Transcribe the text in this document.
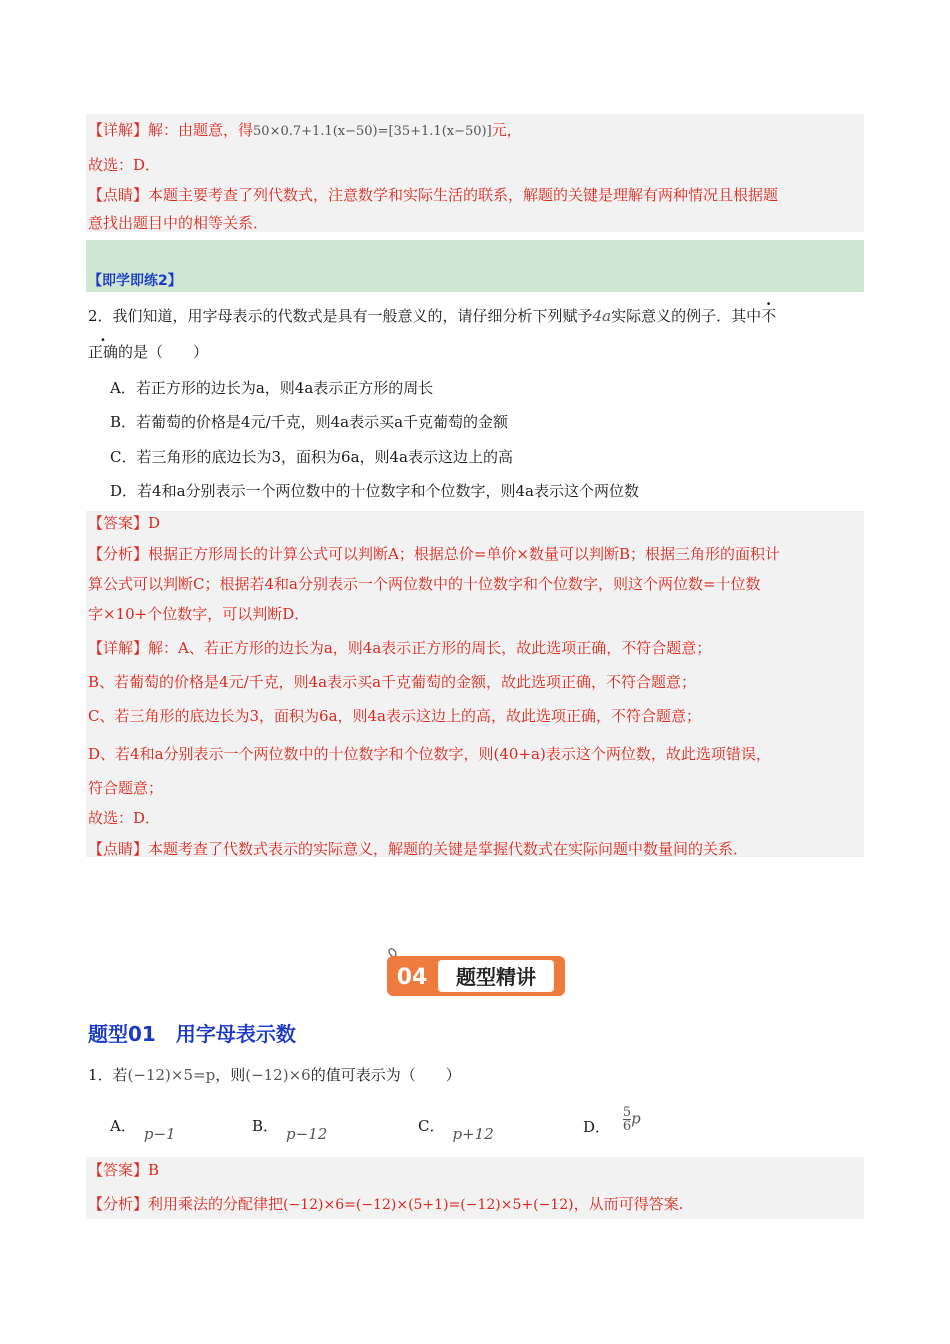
【详解】解：由题意，得50×0.7+1.1(x−50)=[35+1.1(x−50)]元，
故选：D．
【点睛】本题主要考查了列代数式，注意数学和实际生活的联系，解题的关键是理解有两种情况且根据题
意找出题目中的相等关系．
【即学即练2】
2．我们知道，用字母表示的代数式是具有一般意义的，请仔细分析下列赋予4a实际意义的例子．其中不
正确的是（　　）
A．若正方形的边长为a，则4a表示正方形的周长
B．若葡萄的价格是4元/千克，则4a表示买a千克葡萄的金额
C．若三角形的底边长为3，面积为6a，则4a表示这边上的高
D．若4和a分别表示一个两位数中的十位数字和个位数字，则4a表示这个两位数
【答案】D
【分析】根据正方形周长的计算公式可以判断A；根据总价=单价×数量可以判断B；根据三角形的面积计
算公式可以判断C；根据若4和a分别表示一个两位数中的十位数字和个位数字，则这个两位数=十位数
字×10+个位数字，可以判断D．
【详解】解：A、若正方形的边长为a，则4a表示正方形的周长，故此选项正确，不符合题意；
B、若葡萄的价格是4元/千克，则4a表示买a千克葡萄的金额，故此选项正确，不符合题意；
C、若三角形的底边长为3，面积为6a，则4a表示这边上的高，故此选项正确，不符合题意；
D、若4和a分别表示一个两位数中的十位数字和个位数字，则(40+a)表示这个两位数，故此选项错误，
符合题意；
故选：D．
【点睛】本题考查了代数式表示的实际意义，解题的关键是掌握代数式在实际问题中数量间的关系．
04 题型精讲
题型01　用字母表示数
1．若(−12)×5=p，则(−12)×6的值可表示为（　　）
A． p−1	B． p−12	C． p+12	D． $\frac{5}{6}$ p
【答案】B
【分析】利用乘法的分配律把(−12)×6=(−12)×(5+1)=(−12)×5+(−12)，从而可得答案.
